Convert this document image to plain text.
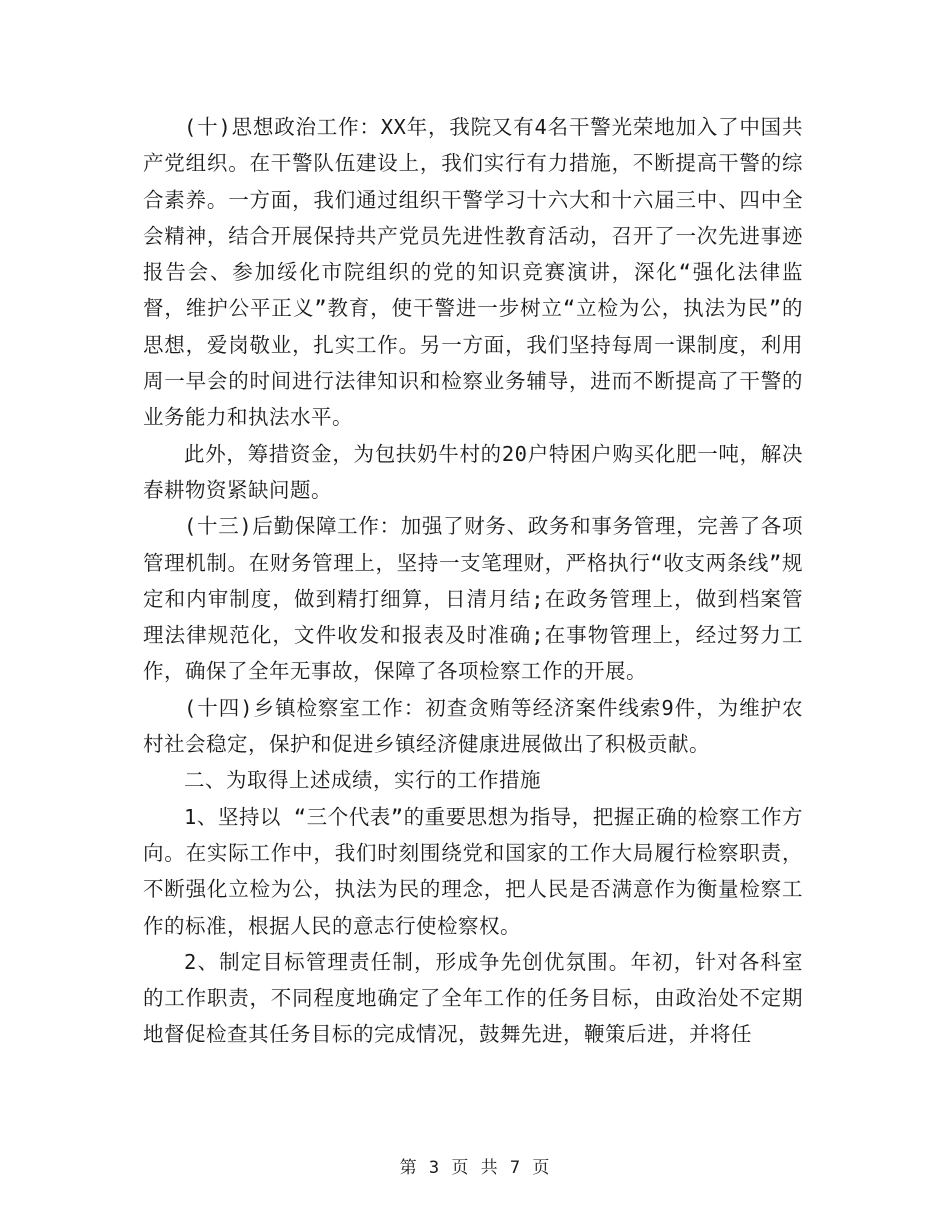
(十)思想政治工作：XX年，我院又有4名干警光荣地加入了中国共产党组织。在干警队伍建设上，我们实行有力措施，不断提高干警的综合素养。一方面，我们通过组织干警学习十六大和十六届三中、四中全会精神，结合开展保持共产党员先进性教育活动，召开了一次先进事迹报告会、参加绥化市院组织的党的知识竞赛演讲，深化“强化法律监督，维护公平正义”教育，使干警进一步树立“立检为公，执法为民”的思想，爱岗敬业，扎实工作。另一方面，我们坚持每周一课制度，利用周一早会的时间进行法律知识和检察业务辅导，进而不断提高了干警的业务能力和执法水平。

此外，筹措资金，为包扶奶牛村的20户特困户购买化肥一吨，解决春耕物资紧缺问题。

(十三)后勤保障工作：加强了财务、政务和事务管理，完善了各项管理机制。在财务管理上，坚持一支笔理财，严格执行“收支两条线”规定和内审制度，做到精打细算，日清月结;在政务管理上，做到档案管理法律规范化，文件收发和报表及时准确;在事物管理上，经过努力工作，确保了全年无事故，保障了各项检察工作的开展。

(十四)乡镇检察室工作：初查贪贿等经济案件线索9件，为维护农村社会稳定，保护和促进乡镇经济健康进展做出了积极贡献。

二、为取得上述成绩，实行的工作措施

1、坚持以 “三个代表”的重要思想为指导，把握正确的检察工作方向。在实际工作中，我们时刻围绕党和国家的工作大局履行检察职责，不断强化立检为公，执法为民的理念，把人民是否满意作为衡量检察工作的标准，根据人民的意志行使检察权。

2、制定目标管理责任制，形成争先创优氛围。年初，针对各科室的工作职责，不同程度地确定了全年工作的任务目标，由政治处不定期地督促检查其任务目标的完成情况，鼓舞先进，鞭策后进，并将任

第 3 页 共 7 页
